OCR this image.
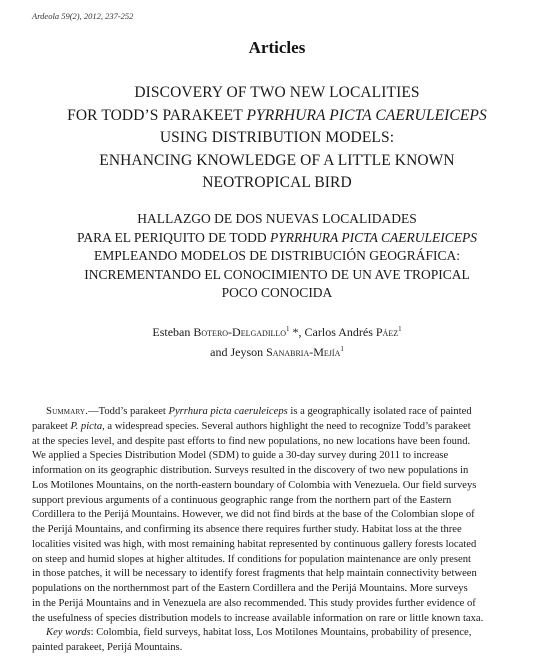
Ardeola 59(2), 2012, 237-252
Articles
DISCOVERY OF TWO NEW LOCALITIES
FOR TODD’S PARAKEET PYRRHURA PICTA CAERULEICEPS
USING DISTRIBUTION MODELS:
ENHANCING KNOWLEDGE OF A LITTLE KNOWN
NEOTROPICAL BIRD
HALLAZGO DE DOS NUEVAS LOCALIDADES
PARA EL PERIQUITO DE TODD PYRRHURA PICTA CAERULEICEPS
EMPLEANDO MODELOS DE DISTRIBUCIÓN GEOGRÁFICA:
INCREMENTANDO EL CONOCIMIENTO DE UN AVE TROPICAL
POCO CONOCIDA
Esteban Botero-Delgadillo$^1$ *, Carlos Andrés Páez$^1$
and Jeyson Sanabria-Mejía$^1$
Summary.—Todd’s parakeet Pyrrhura picta caeruleiceps is a geographically isolated race of painted
parakeet P. picta, a widespread species. Several authors highlight the need to recognize Todd’s parakeet
at the species level, and despite past efforts to find new populations, no new locations have been found.
We applied a Species Distribution Model (SDM) to guide a 30-day survey during 2011 to increase
information on its geographic distribution. Surveys resulted in the discovery of two new populations in
Los Motilones Mountains, on the north-eastern boundary of Colombia with Venezuela. Our field surveys
support previous arguments of a continuous geographic range from the northern part of the Eastern
Cordillera to the Perijá Mountains. However, we did not find birds at the base of the Colombian slope of
the Perijá Mountains, and confirming its absence there requires further study. Habitat loss at the three
localities visited was high, with most remaining habitat represented by continuous gallery forests located
on steep and humid slopes at higher altitudes. If conditions for population maintenance are only present
in those patches, it will be necessary to identify forest fragments that help maintain connectivity between
populations on the northernmost part of the Eastern Cordillera and the Perijá Mountains. More surveys
in the Perijá Mountains and in Venezuela are also recommended. This study provides further evidence of
the usefulness of species distribution models to increase available information on rare or little known taxa.
Key words: Colombia, field surveys, habitat loss, Los Motilones Mountains, probability of presence,
painted parakeet, Perijá Mountains.
